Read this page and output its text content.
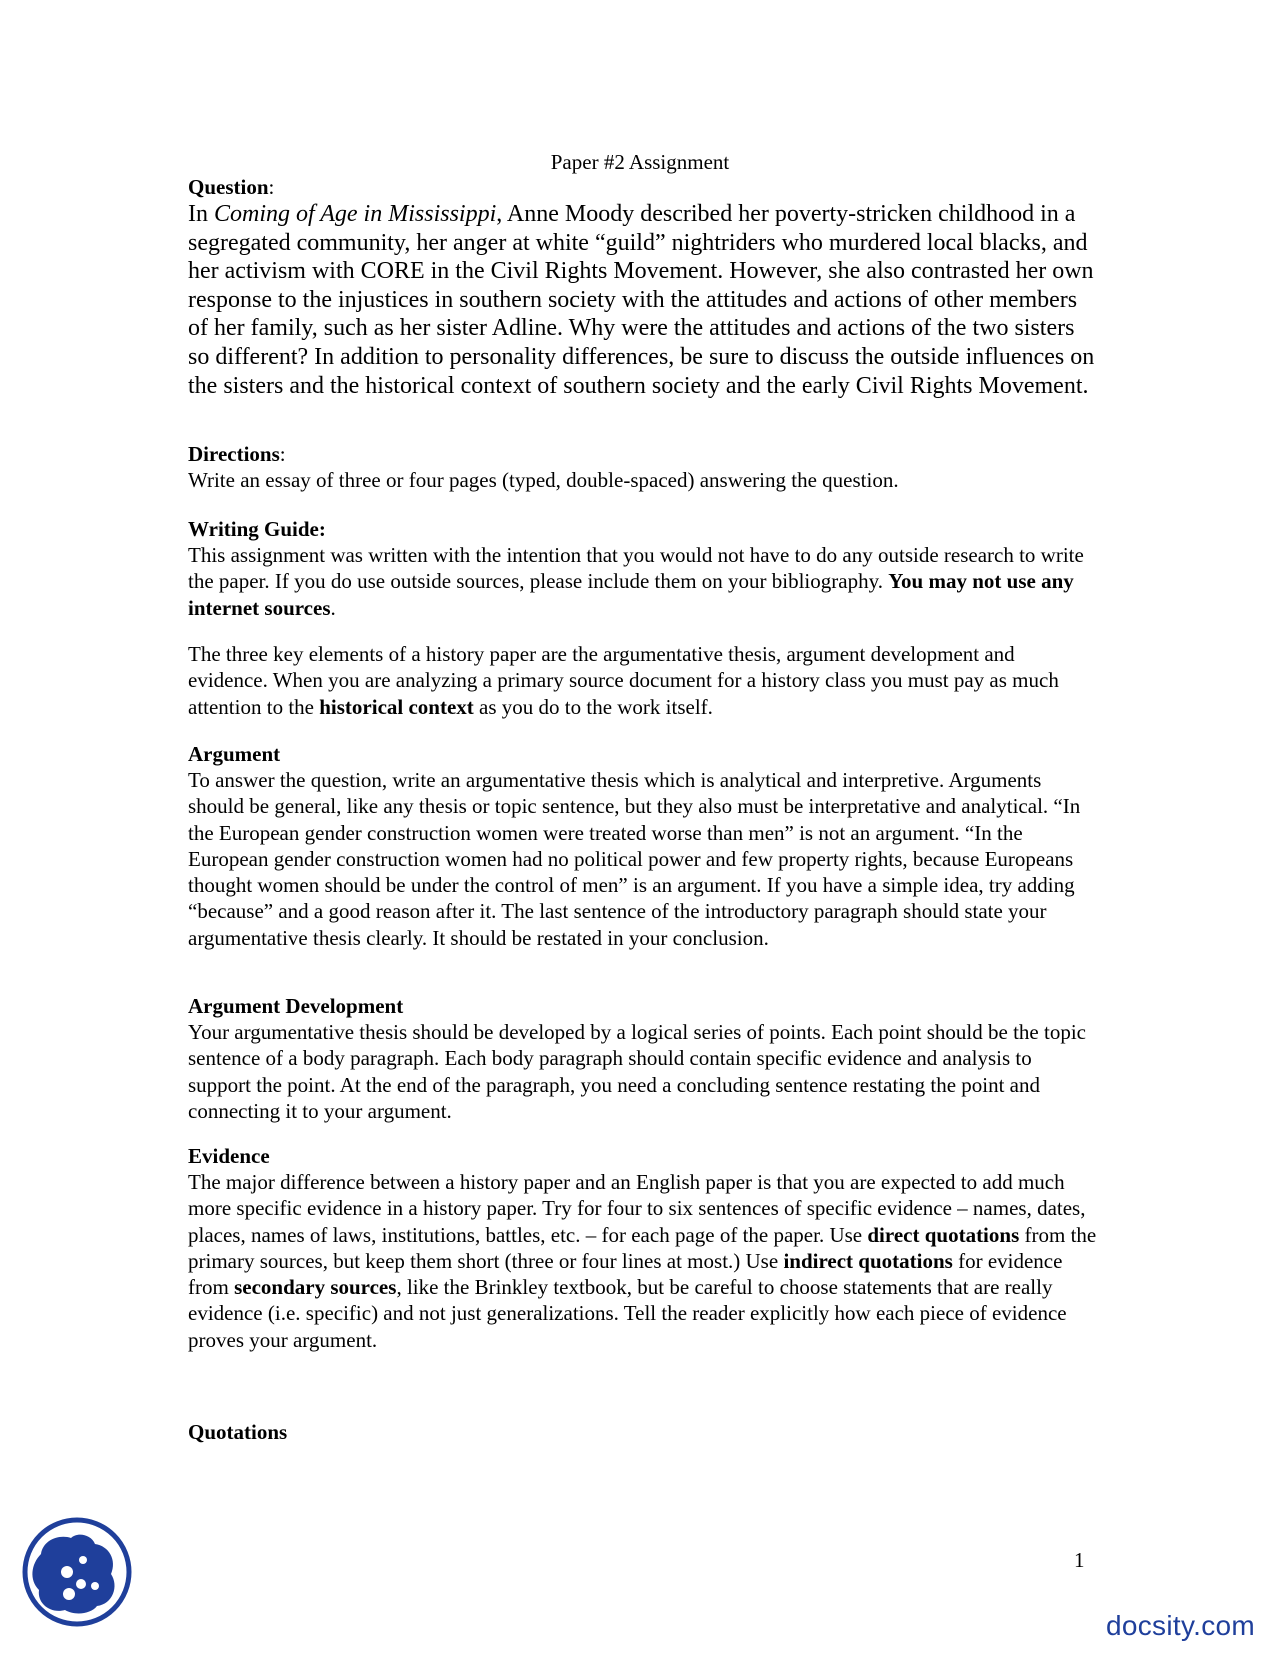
Paper #2 Assignment

Question:

In Coming of Age in Mississippi, Anne Moody described her poverty-stricken childhood in a segregated community, her anger at white “guild” nightriders who murdered local blacks, and her activism with CORE in the Civil Rights Movement. However, she also contrasted her own response to the injustices in southern society with the attitudes and actions of other members of her family, such as her sister Adline. Why were the attitudes and actions of the two sisters so different? In addition to personality differences, be sure to discuss the outside influences on the sisters and the historical context of southern society and the early Civil Rights Movement.

Directions:

Write an essay of three or four pages (typed, double-spaced) answering the question.

Writing Guide:

This assignment was written with the intention that you would not have to do any outside research to write the paper. If you do use outside sources, please include them on your bibliography. You may not use any internet sources.

The three key elements of a history paper are the argumentative thesis, argument development and evidence. When you are analyzing a primary source document for a history class you must pay as much attention to the historical context as you do to the work itself.

Argument

To answer the question, write an argumentative thesis which is analytical and interpretive. Arguments should be general, like any thesis or topic sentence, but they also must be interpretative and analytical. “In the European gender construction women were treated worse than men” is not an argument. “In the European gender construction women had no political power and few property rights, because Europeans thought women should be under the control of men” is an argument. If you have a simple idea, try adding “because” and a good reason after it. The last sentence of the introductory paragraph should state your argumentative thesis clearly. It should be restated in your conclusion.

Argument Development

Your argumentative thesis should be developed by a logical series of points. Each point should be the topic sentence of a body paragraph. Each body paragraph should contain specific evidence and analysis to support the point. At the end of the paragraph, you need a concluding sentence restating the point and connecting it to your argument.

Evidence

The major difference between a history paper and an English paper is that you are expected to add much more specific evidence in a history paper. Try for four to six sentences of specific evidence – names, dates, places, names of laws, institutions, battles, etc. – for each page of the paper. Use direct quotations from the primary sources, but keep them short (three or four lines at most.) Use indirect quotations for evidence from secondary sources, like the Brinkley textbook, but be careful to choose statements that are really evidence (i.e. specific) and not just generalizations. Tell the reader explicitly how each piece of evidence proves your argument.

Quotations

1
docsity.com
